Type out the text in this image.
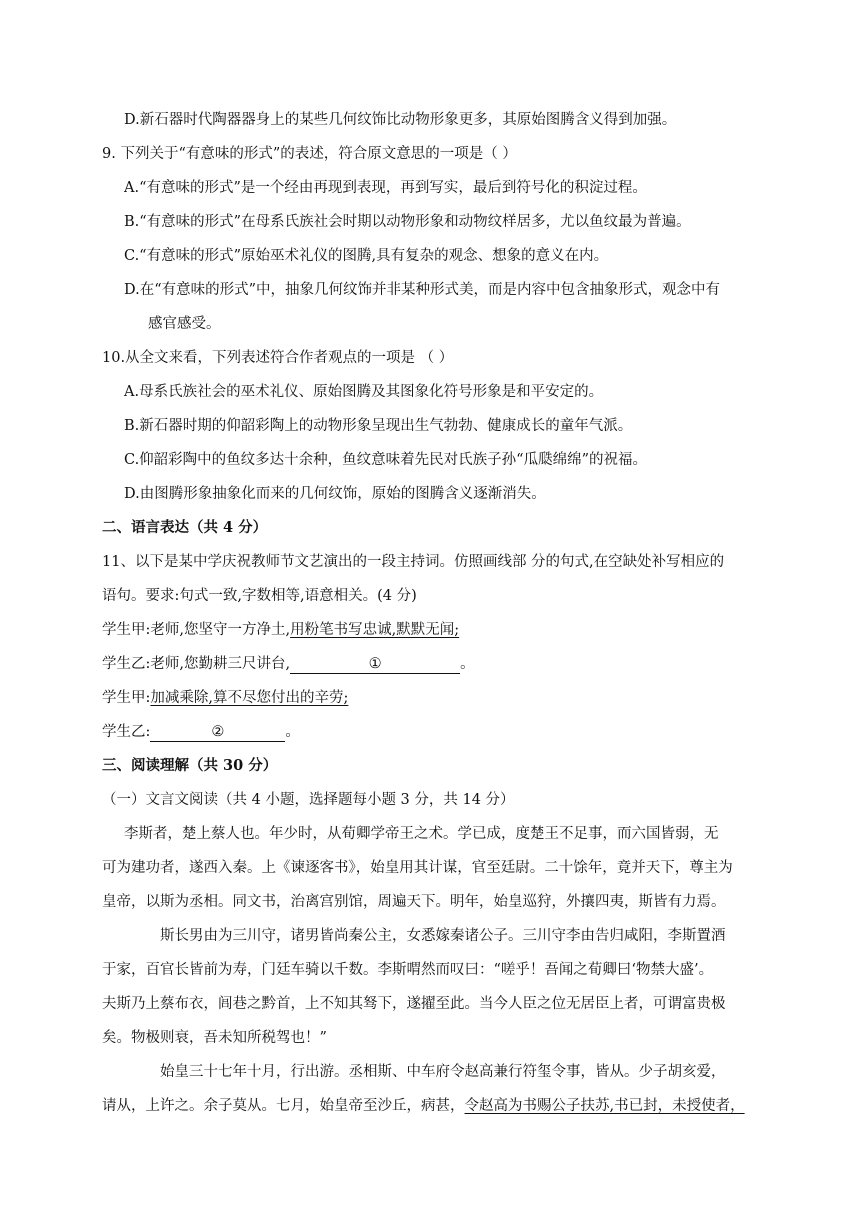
D.新石器时代陶器器身上的某些几何纹饰比动物形象更多，其原始图腾含义得到加强。
9. 下列关于“有意味的形式”的表述，符合原文意思的一项是（ ）
A.“有意味的形式”是一个经由再现到表现，再到写实，最后到符号化的积淀过程。
B.“有意味的形式”在母系氏族社会时期以动物形象和动物纹样居多，尤以鱼纹最为普遍。
C.“有意味的形式”原始巫术礼仪的图腾,具有复杂的观念、想象的意义在内。
D.在“有意味的形式”中，抽象几何纹饰并非某种形式美，而是内容中包含抽象形式，观念中有
感官感受。
10.从全文来看，下列表述符合作者观点的一项是 （ ）
A.母系氏族社会的巫术礼仪、原始图腾及其图象化符号形象是和平安定的。
B.新石器时期的仰韶彩陶上的动物形象呈现出生气勃勃、健康成长的童年气派。
C.仰韶彩陶中的鱼纹多达十余种，鱼纹意味着先民对氏族子孙“瓜瓞绵绵”的祝福。
D.由图腾形象抽象化而来的几何纹饰，原始的图腾含义逐渐消失。
二、语言表达（共 4 分）
11、以下是某中学庆祝教师节文艺演出的一段主持词。仿照画线部 分的句式,在空缺处补写相应的
语句。要求:句式一致,字数相等,语意相关。(4 分)
学生甲:老师,您坚守一方净土,用粉笔书写忠诚,默默无闻;
学生乙:老师,您勤耕三尺讲台,	①	。
学生甲:加减乘除,算不尽您付出的辛劳;
学生乙:	②	。
三、阅读理解（共 30 分）
（一）文言文阅读（共 4 小题，选择题每小题 3 分，共 14 分）
李斯者，楚上蔡人也。年少时，从荀卿学帝王之术。学已成，度楚王不足事，而六国皆弱，无
可为建功者，遂西入秦。上《谏逐客书》，始皇用其计谋，官至廷尉。二十馀年，竟并天下，尊主为
皇帝，以斯为丞相。同文书，治离宫别馆，周遍天下。明年，始皇巡狩，外攘四夷，斯皆有力焉。
斯长男由为三川守，诸男皆尚秦公主，女悉嫁秦诸公子。三川守李由告归咸阳，李斯置酒
于家，百官长皆前为寿，门廷车骑以千数。李斯喟然而叹曰：“嗟乎！吾闻之荀卿曰‘物禁大盛’。
夫斯乃上蔡布衣，闾巷之黔首，上不知其驽下，遂擢至此。当今人臣之位无居臣上者，可谓富贵极
矣。物极则衰，吾未知所税驾也！”
始皇三十七年十月，行出游。丞相斯、中车府令赵高兼行符玺令事，皆从。少子胡亥爱，
请从，上许之。余子莫从。七月，始皇帝至沙丘，病甚，令赵高为书赐公子扶苏,书已封，未授使者，
